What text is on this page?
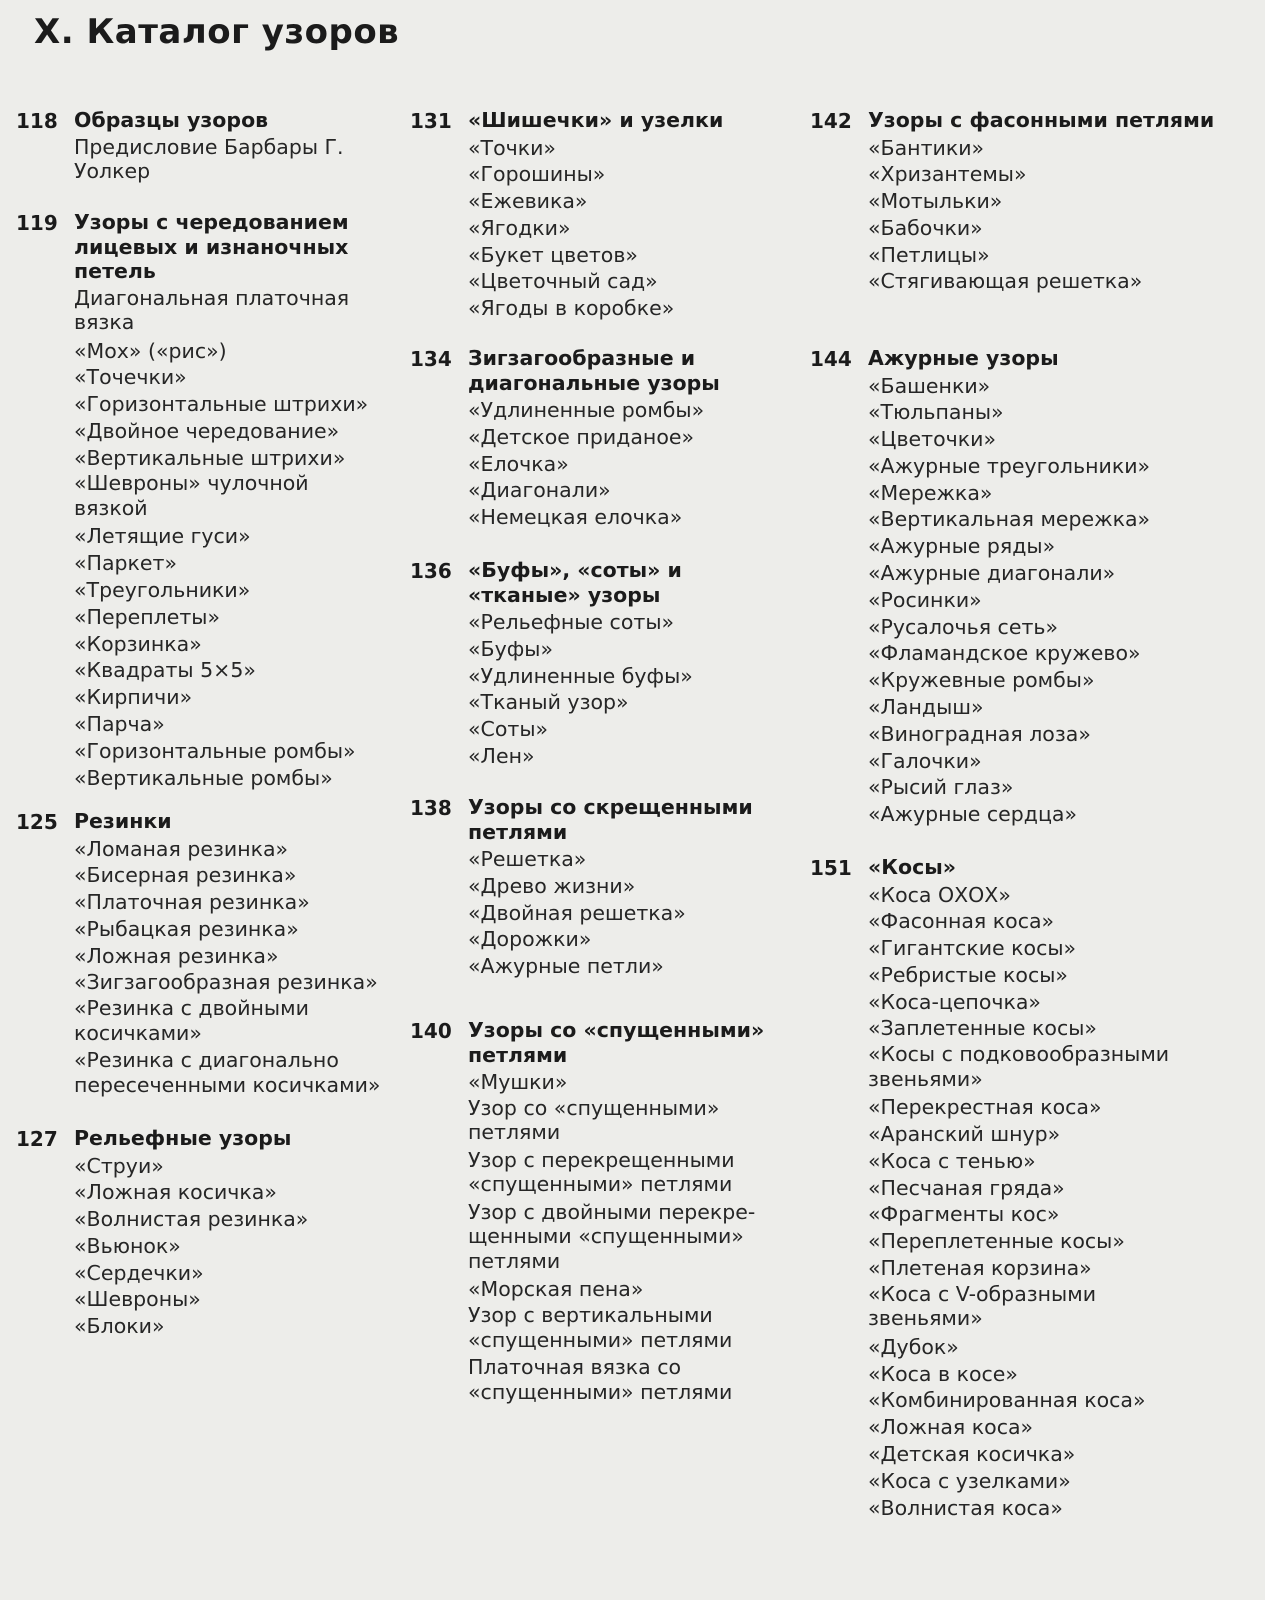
X. Каталог узоров
118 Образцы узоров
Предисловие Барбары Г.
Уолкер
119 Узоры с чередованием лицевых и изнаночных петель
Диагональная платочная
вязка
«Мох» («рис»)
«Точечки»
«Горизонтальные штрихи»
«Двойное чередование»
«Вертикальные штрихи»
«Шевроны» чулочной
вязкой
«Летящие гуси»
«Паркет»
«Треугольники»
«Переплеты»
«Корзинка»
«Квадраты 5×5»
«Кирпичи»
«Парча»
«Горизонтальные ромбы»
«Вертикальные ромбы»
125 Резинки
«Ломаная резинка»
«Бисерная резинка»
«Платочная резинка»
«Рыбацкая резинка»
«Ложная резинка»
«Зигзагообразная резинка»
«Резинка с двойными
косичками»
«Резинка с диагонально
пересеченными косичками»
127 Рельефные узоры
«Струи»
«Ложная косичка»
«Волнистая резинка»
«Вьюнок»
«Сердечки»
«Шевроны»
«Блоки»
131 «Шишечки» и узелки
«Точки»
«Горошины»
«Ежевика»
«Ягодки»
«Букет цветов»
«Цветочный сад»
«Ягоды в коробке»
134 Зигзагообразные и диагональные узоры
«Удлиненные ромбы»
«Детское приданое»
«Елочка»
«Диагонали»
«Немецкая елочка»
136 «Буфы», «соты» и «тканые» узоры
«Рельефные соты»
«Буфы»
«Удлиненные буфы»
«Тканый узор»
«Соты»
«Лен»
138 Узоры со скрещенными петлями
«Решетка»
«Древо жизни»
«Двойная решетка»
«Дорожки»
«Ажурные петли»
140 Узоры со «спущенными» петлями
«Мушки»
Узор со «спущенными»
петлями
Узор с перекрещенными
«спущенными» петлями
Узор с двойными перекре-
щенными «спущенными»
петлями
«Морская пена»
Узор с вертикальными
«спущенными» петлями
Платочная вязка со
«спущенными» петлями
142 Узоры с фасонными петлями
«Бантики»
«Хризантемы»
«Мотыльки»
«Бабочки»
«Петлицы»
«Стягивающая решетка»
144 Ажурные узоры
«Башенки»
«Тюльпаны»
«Цветочки»
«Ажурные треугольники»
«Мережка»
«Вертикальная мережка»
«Ажурные ряды»
«Ажурные диагонали»
«Росинки»
«Русалочья сеть»
«Фламандское кружево»
«Кружевные ромбы»
«Ландыш»
«Виноградная лоза»
«Галочки»
«Рысий глаз»
«Ажурные сердца»
151 «Косы»
«Коса ОХОХ»
«Фасонная коса»
«Гигантские косы»
«Ребристые косы»
«Коса-цепочка»
«Заплетенные косы»
«Косы с подковообразными
звеньями»
«Перекрестная коса»
«Аранский шнур»
«Коса с тенью»
«Песчаная гряда»
«Фрагменты кос»
«Переплетенные косы»
«Плетеная корзина»
«Коса с V-образными
звеньями»
«Дубок»
«Коса в косе»
«Комбинированная коса»
«Ложная коса»
«Детская косичка»
«Коса с узелками»
«Волнистая коса»
